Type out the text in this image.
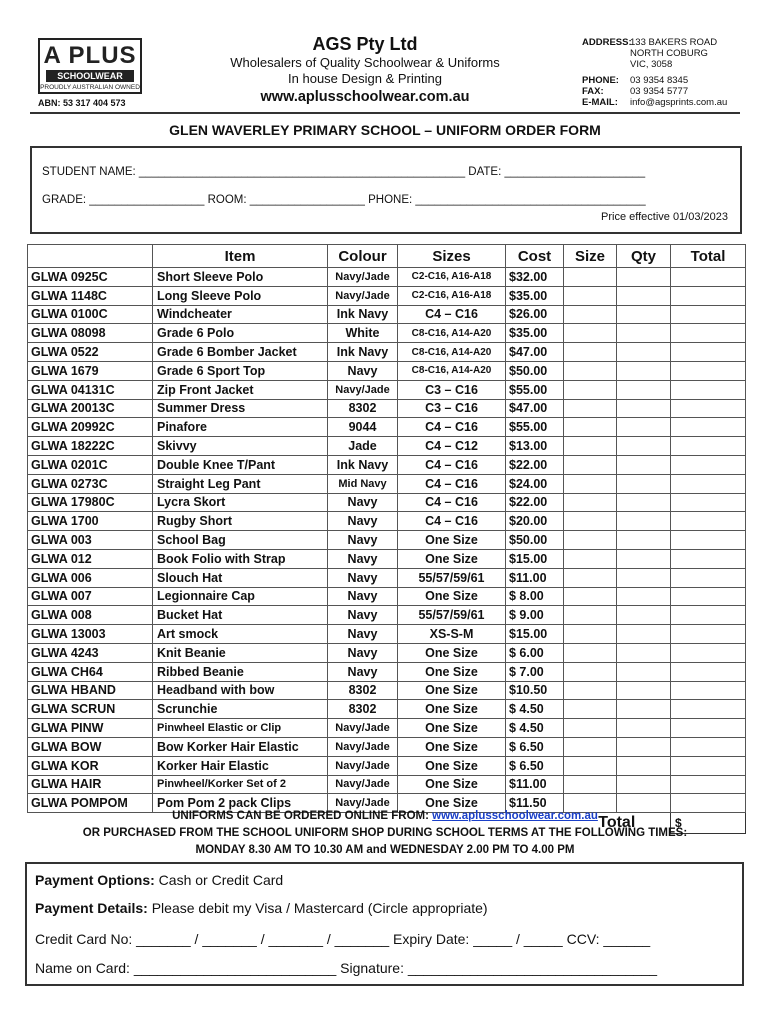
A PLUS
SCHOOLWEAR
PROUDLY AUSTRALIAN OWNED
ABN: 53 317 404 573
AGS Pty Ltd
Wholesalers of Quality Schoolwear & Uniforms
In house Design & Printing
www.aplusschoolwear.com.au
ADDRESS:
133 BAKERS ROAD
NORTH COBURG
VIC, 3058
PHONE:	03 9354 8345
FAX:	03 9354 5777
E-MAIL:	info@agsprints.com.au
GLEN WAVERLEY PRIMARY SCHOOL – UNIFORM ORDER FORM
STUDENT NAME: ___________________________________________________ DATE: ______________________
GRADE: __________________ ROOM: __________________ PHONE: ____________________________________
Price effective 01/03/2023
	Item	Colour	Sizes	Cost	Size	Qty	Total
GLWA 0925C	Short Sleeve Polo	Navy/Jade	C2-C16, A16-A18	$32.00			
GLWA 1148C	Long Sleeve Polo	Navy/Jade	C2-C16, A16-A18	$35.00			
GLWA 0100C	Windcheater	Ink Navy	C4 – C16	$26.00			
GLWA 08098	Grade 6 Polo	White	C8-C16, A14-A20	$35.00			
GLWA 0522	Grade 6 Bomber Jacket	Ink Navy	C8-C16, A14-A20	$47.00			
GLWA 1679	Grade 6 Sport Top	Navy	C8-C16, A14-A20	$50.00			
GLWA 04131C	Zip Front Jacket	Navy/Jade	C3 – C16	$55.00			
GLWA 20013C	Summer Dress	8302	C3 – C16	$47.00			
GLWA 20992C	Pinafore	9044	C4 – C16	$55.00			
GLWA 18222C	Skivvy	Jade	C4 – C12	$13.00			
GLWA 0201C	Double Knee T/Pant	Ink Navy	C4 – C16	$22.00			
GLWA 0273C	Straight Leg Pant	Mid Navy	C4 – C16	$24.00			
GLWA 17980C	Lycra Skort	Navy	C4 – C16	$22.00			
GLWA 1700	Rugby Short	Navy	C4 – C16	$20.00			
GLWA 003	School Bag	Navy	One Size	$50.00			
GLWA 012	Book Folio with Strap	Navy	One Size	$15.00			
GLWA 006	Slouch Hat	Navy	55/57/59/61	$11.00			
GLWA 007	Legionnaire Cap	Navy	One Size	$ 8.00			
GLWA 008	Bucket Hat	Navy	55/57/59/61	$ 9.00			
GLWA 13003	Art smock	Navy	XS-S-M	$15.00			
GLWA 4243	Knit Beanie	Navy	One Size	$ 6.00			
GLWA CH64	Ribbed Beanie	Navy	One Size	$ 7.00			
GLWA HBAND	Headband with bow	8302	One Size	$10.50			
GLWA SCRUN	Scrunchie	8302	One Size	$ 4.50			
GLWA PINW	Pinwheel Elastic or Clip	Navy/Jade	One Size	$ 4.50			
GLWA BOW	Bow Korker Hair Elastic	Navy/Jade	One Size	$ 6.50			
GLWA KOR	Korker Hair Elastic	Navy/Jade	One Size	$ 6.50			
GLWA HAIR	Pinwheel/Korker Set of 2	Navy/Jade	One Size	$11.00			
GLWA POMPOM	Pom Pom 2 pack Clips	Navy/Jade	One Size	$11.50			
					Total		$
UNIFORMS CAN BE ORDERED ONLINE FROM: www.aplusschoolwear.com.au
OR PURCHASED FROM THE SCHOOL UNIFORM SHOP DURING SCHOOL TERMS AT THE FOLLOWING TIMES:
MONDAY 8.30 AM TO 10.30 AM and WEDNESDAY 2.00 PM TO 4.00 PM
Payment Options: Cash or Credit Card
Payment Details: Please debit my Visa / Mastercard (Circle appropriate)
Credit Card No: _______ / _______ / _______ / _______ Expiry Date: _____ / _____ CCV: ______
Name on Card: __________________________ Signature: ________________________________
